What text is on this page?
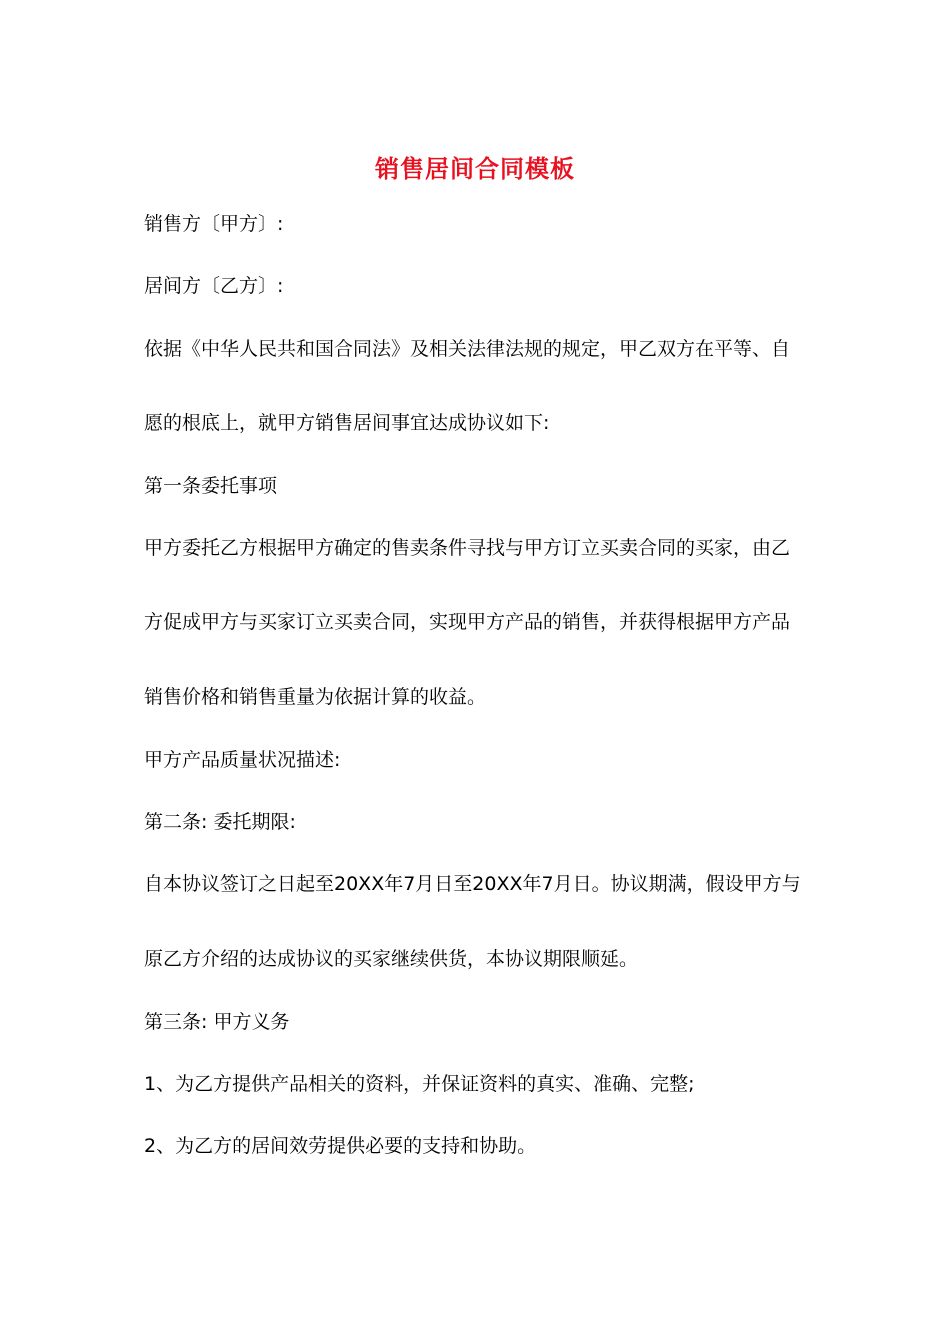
销售居间合同模板
销售方〔甲方〕:
居间方〔乙方〕:
依据《中华人民共和国合同法》及相关法律法规的规定，甲乙双方在平等、自
愿的根底上，就甲方销售居间事宜达成协议如下:
第一条委托事项
甲方委托乙方根据甲方确定的售卖条件寻找与甲方订立买卖合同的买家，由乙
方促成甲方与买家订立买卖合同，实现甲方产品的销售，并获得根据甲方产品
销售价格和销售重量为依据计算的收益。
甲方产品质量状况描述:
第二条: 委托期限:
自本协议签订之日起至20XX年7月日至20XX年7月日。协议期满，假设甲方与
原乙方介绍的达成协议的买家继续供货，本协议期限顺延。
第三条: 甲方义务
1、为乙方提供产品相关的资料，并保证资料的真实、准确、完整;
2、为乙方的居间效劳提供必要的支持和协助。
